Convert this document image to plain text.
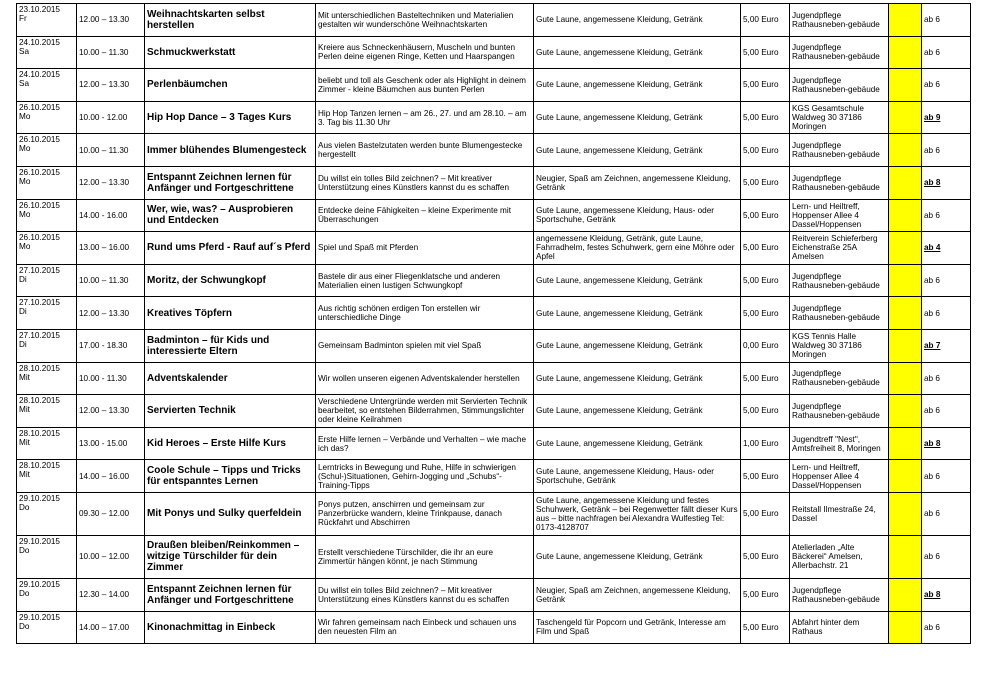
23.10.2015
Fr	12.00 – 13.30	Weihnachtskarten selbst herstellen	Mit unterschiedlichen Basteltechniken und Materialien gestalten wir wunderschöne Weihnachtskarten	Gute Laune, angemessene Kleidung, Getränk	5,00 Euro	Jugendpflege Rathausneben-gebäude		ab 6

24.10.2015
Sa	10.00 – 11.30	Schmuckwerkstatt	Kreiere aus Schneckenhäusern, Muscheln und bunten Perlen deine eigenen Ringe, Ketten und Haarspangen	Gute Laune, angemessene Kleidung, Getränk	5,00 Euro	Jugendpflege Rathausneben-gebäude		ab 6

24.10.2015
Sa	12.00 – 13.30	Perlenbäumchen	beliebt und toll als Geschenk oder als Highlight in deinem Zimmer - kleine Bäumchen aus bunten Perlen	Gute Laune, angemessene Kleidung, Getränk	5,00 Euro	Jugendpflege Rathausneben-gebäude		ab 6

26.10.2015
Mo	10.00 - 12.00	Hip Hop Dance – 3 Tages Kurs	Hip Hop Tanzen lernen – am 26., 27. und am 28.10. – am 3. Tag bis 11.30 Uhr	Gute Laune, angemessene Kleidung, Getränk	5,00 Euro	KGS Gesamtschule Waldweg 30 37186 Moringen		ab 9

26.10.2015
Mo	10.00 – 11.30	Immer blühendes Blumengesteck	Aus vielen Bastelzutaten werden bunte Blumengestecke hergestellt	Gute Laune, angemessene Kleidung, Getränk	5,00 Euro	Jugendpflege Rathausneben-gebäude		ab 6

26.10.2015
Mo	12.00 – 13.30	Entspannt Zeichnen lernen für Anfänger und Fortgeschrittene	Du willst ein tolles Bild zeichnen? – Mit kreativer Unterstützung eines Künstlers kannst du es schaffen	Neugier, Spaß am Zeichnen, angemessene Kleidung, Getränk	5,00 Euro	Jugendpflege Rathausneben-gebäude		ab 8

26.10.2015
Mo	14.00 - 16.00	Wer, wie, was? – Ausprobieren und Entdecken	Entdecke deine Fähigkeiten – kleine Experimente mit Überraschungen	Gute Laune, angemessene Kleidung, Haus- oder Sportschuhe, Getränk	5,00 Euro	Lern- und Heiltreff, Hoppenser Allee 4 Dassel/Hoppensen		ab 6

26.10.2015
Mo	13.00 – 16.00	Rund ums Pferd - Rauf auf´s Pferd	Spiel und Spaß mit Pferden	angemessene Kleidung, Getränk, gute Laune, Fahrradhelm, festes Schuhwerk, gern eine Möhre oder Apfel	5,00 Euro	Reitverein Schieferberg Eichenstraße 25A Amelsen		ab 4

27.10.2015
Di	10.00 – 11.30	Moritz, der Schwungkopf	Bastele dir aus einer Fliegenklatsche und anderen Materialien einen lustigen Schwungkopf	Gute Laune, angemessene Kleidung, Getränk	5,00 Euro	Jugendpflege Rathausneben-gebäude		ab 6

27.10.2015
Di	12.00 – 13.30	Kreatives Töpfern	Aus richtig schönen erdigen Ton erstellen wir unterschiedliche Dinge	Gute Laune, angemessene Kleidung, Getränk	5,00 Euro	Jugendpflege Rathausneben-gebäude		ab 6

27.10.2015
Di	17.00 - 18.30	Badminton – für Kids und interessierte Eltern	Gemeinsam Badminton spielen mit viel Spaß	Gute Laune, angemessene Kleidung, Getränk	0,00 Euro	KGS Tennis Halle Waldweg 30 37186 Moringen		ab 7

28.10.2015
Mit	10.00 - 11.30	Adventskalender	Wir wollen unseren eigenen Adventskalender herstellen	Gute Laune, angemessene Kleidung, Getränk	5,00 Euro	Jugendpflege Rathausneben-gebäude		ab 6

28.10.2015
Mit	12.00 – 13.30	Servierten Technik	Verschiedene Untergründe werden mit Servierten Technik bearbeitet, so entstehen Bilderrahmen, Stimmungslichter oder kleine Keilrahmen	Gute Laune, angemessene Kleidung, Getränk	5,00 Euro	Jugendpflege Rathausneben-gebäude		ab 6

28.10.2015
Mit	13.00 - 15.00	Kid Heroes – Erste Hilfe Kurs	Erste Hilfe lernen – Verbände und Verhalten – wie mache ich das?	Gute Laune, angemessene Kleidung, Getränk	1,00 Euro	Jugendtreff "Nest", Amtsfreiheit 8, Moringen		ab 8

28.10.2015
Mit	14.00 – 16.00	Coole Schule – Tipps und Tricks für entspanntes Lernen	Lerntricks in Bewegung und Ruhe, Hilfe in schwierigen (Schul-)Situationen, Gehirn-Jogging und „Schubs“-Training-Tipps	Gute Laune, angemessene Kleidung, Haus- oder Sportschuhe, Getränk	5,00 Euro	Lern- und Heiltreff, Hoppenser Allee 4 Dassel/Hoppensen		ab 6

29.10.2015
Do	09.30 – 12.00	Mit Ponys und Sulky querfeldein	Ponys putzen, anschirren und gemeinsam zur Panzerbrücke wandern, kleine Trinkpause, danach Rückfahrt und Abschirren	Gute Laune, angemessene Kleidung und festes Schuhwerk, Getränk – bei Regenwetter fällt dieser Kurs aus – bitte nachfragen bei Alexandra Wulfestieg Tel: 0173-4128707	5,00 Euro	Reitstall Ilmestraße 24, Dassel		ab 6

29.10.2015
Do	10.00 – 12.00	Draußen bleiben/Reinkommen – witzige Türschilder für dein Zimmer	Erstellt verschiedene Türschilder, die ihr an eure Zimmertür hängen könnt, je nach Stimmung	Gute Laune, angemessene Kleidung, Getränk	5,00 Euro	Atelierladen „Alte Bäckerei“ Amelsen, Allerbachstr. 21		ab 6

29.10.2015
Do	12.30 – 14.00	Entspannt Zeichnen lernen für Anfänger und Fortgeschrittene	Du willst ein tolles Bild zeichnen? – Mit kreativer Unterstützung eines Künstlers kannst du es schaffen	Neugier, Spaß am Zeichnen, angemessene Kleidung, Getränk	5,00 Euro	Jugendpflege Rathausneben-gebäude		ab 8

29.10.2015
Do	14.00 – 17.00	Kinonachmittag in Einbeck	Wir fahren gemeinsam nach Einbeck und schauen uns den neuesten Film an	Taschengeld für Popcorn und Getränk, Interesse am Film und Spaß	5,00 Euro	Abfahrt hinter dem Rathaus		ab 6
